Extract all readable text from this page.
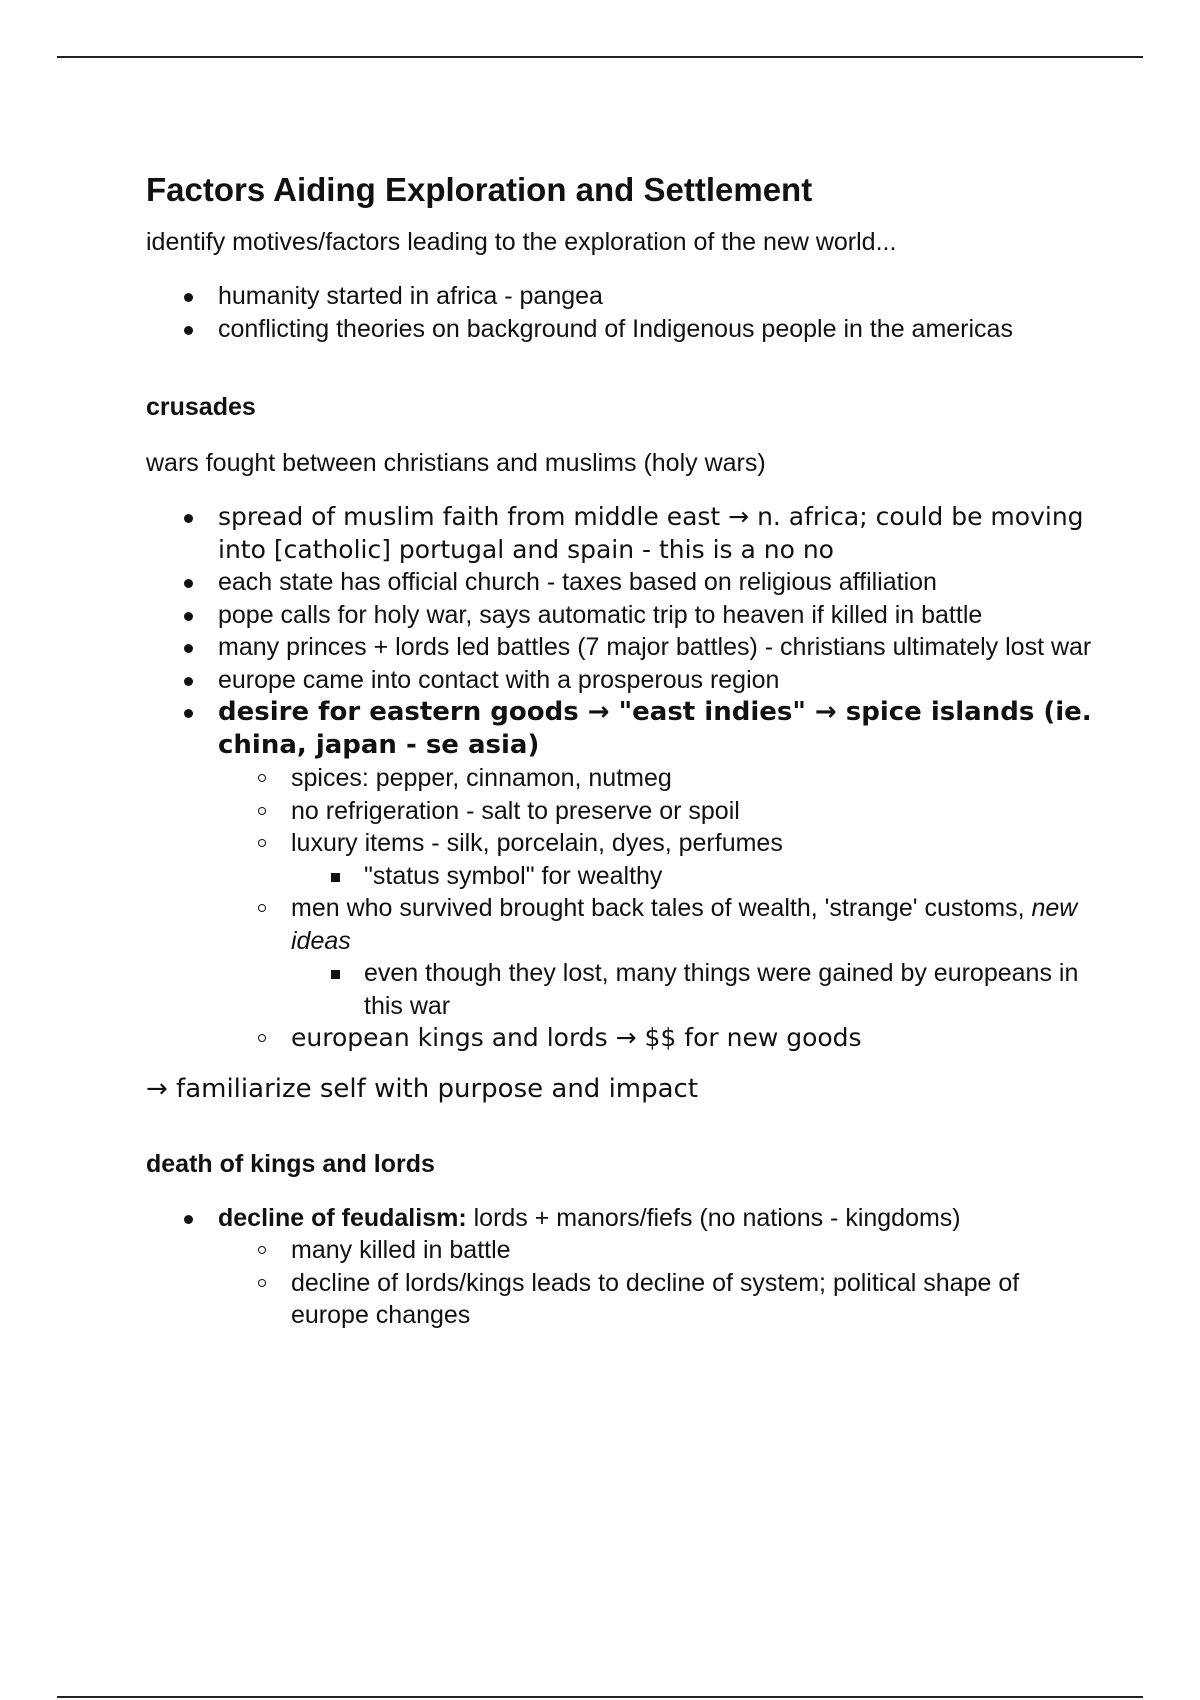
Factors Aiding Exploration and Settlement

identify motives/factors leading to the exploration of the new world...

humanity started in africa - pangea
conflicting theories on background of Indigenous people in the americas
crusades

wars fought between christians and muslims (holy wars)

spread of muslim faith from middle east → n. africa; could be moving into [catholic] portugal and spain - this is a no no
each state has official church - taxes based on religious affiliation
pope calls for holy war, says automatic trip to heaven if killed in battle
many princes + lords led battles (7 major battles) - christians ultimately lost war
europe came into contact with a prosperous region
desire for eastern goods → "east indies" → spice islands (ie. china, japan - se asia)
spices: pepper, cinnamon, nutmeg
no refrigeration - salt to preserve or spoil
luxury items - silk, porcelain, dyes, perfumes
"status symbol" for wealthy
men who survived brought back tales of wealth, 'strange' customs, new ideas
even though they lost, many things were gained by europeans in this war
european kings and lords → $$ for new goods

→ familiarize self with purpose and impact

death of kings and lords
decline of feudalism: lords + manors/fiefs (no nations - kingdoms)
many killed in battle
decline of lords/kings leads to decline of system; political shape of europe changes
